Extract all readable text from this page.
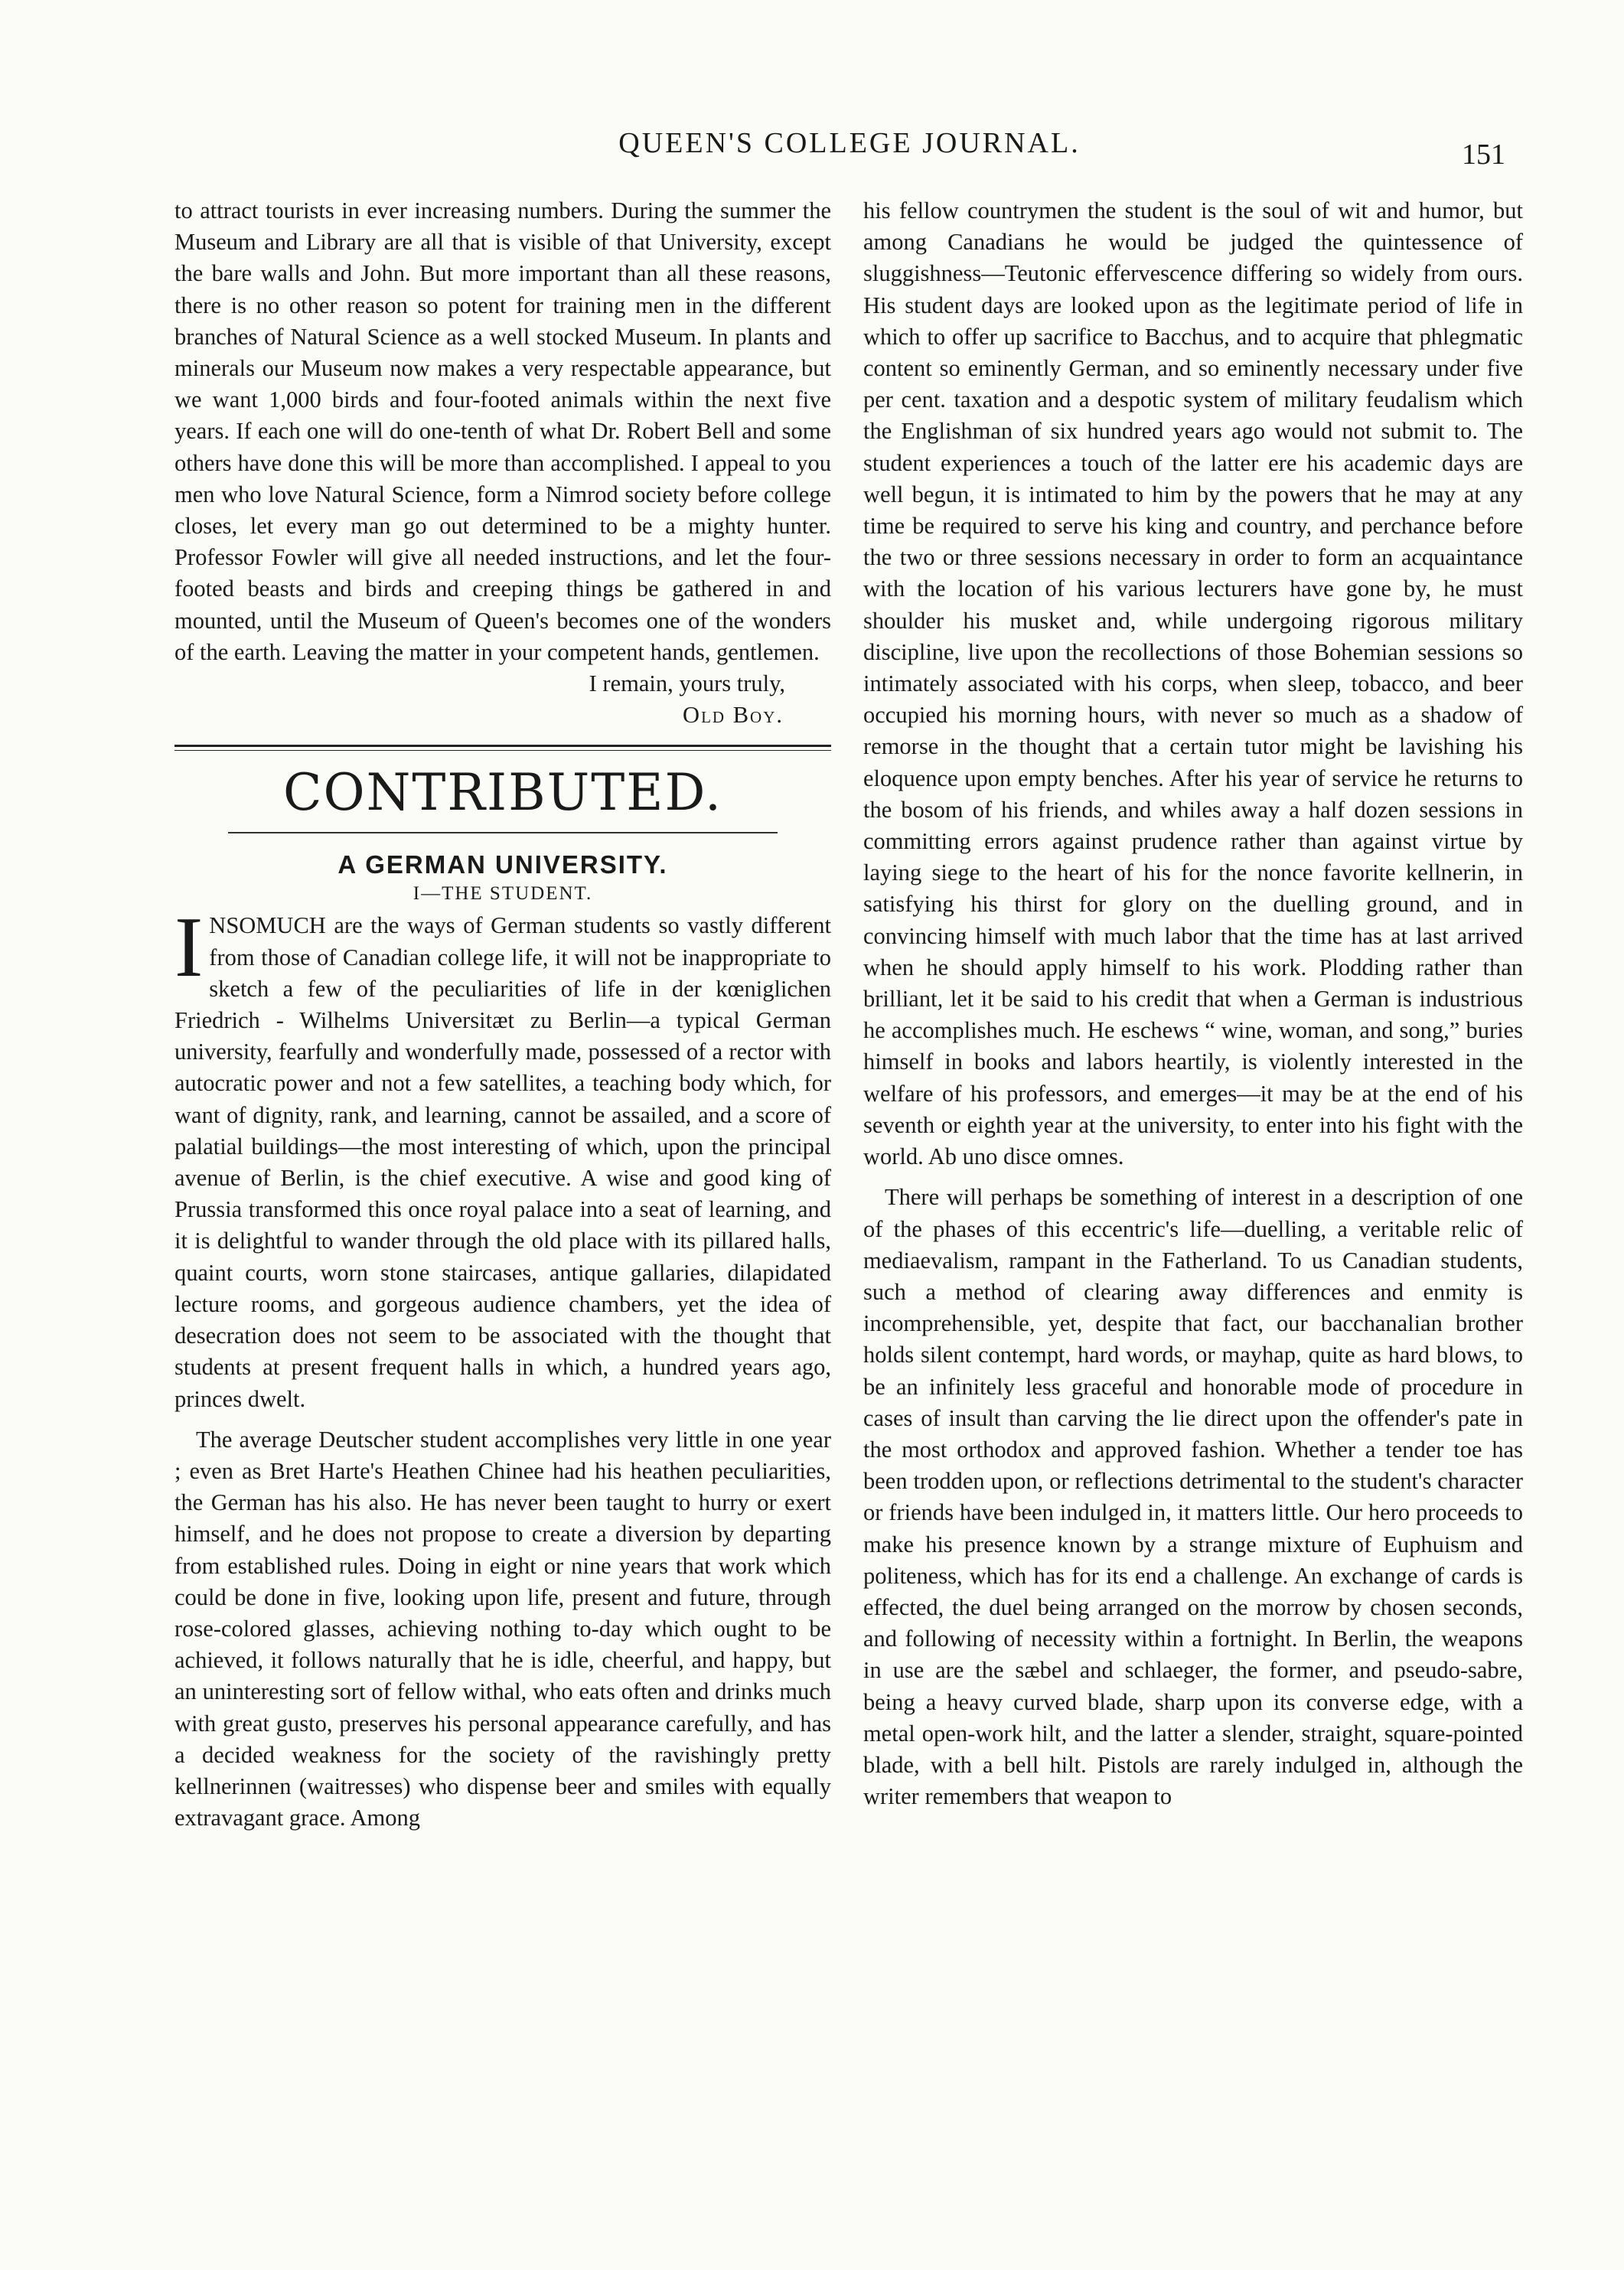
QUEEN'S COLLEGE JOURNAL.	151

to attract tourists in ever increasing numbers. During the summer the Museum and Library are all that is visible of that University, except the bare walls and John. But more important than all these reasons, there is no other reason so potent for training men in the different branches of Natural Science as a well stocked Museum. In plants and minerals our Museum now makes a very respectable appearance, but we want 1,000 birds and four-footed animals within the next five years. If each one will do one-tenth of what Dr. Robert Bell and some others have done this will be more than accomplished. I appeal to you men who love Natural Science, form a Nimrod society before college closes, let every man go out determined to be a mighty hunter. Professor Fowler will give all needed instructions, and let the four-footed beasts and birds and creeping things be gathered in and mounted, until the Museum of Queen's becomes one of the wonders of the earth. Leaving the matter in your competent hands, gentlemen.

I remain, yours truly,

Old Boy.

CONTRIBUTED.
A GERMAN UNIVERSITY.
I—THE STUDENT.

INSOMUCH are the ways of German students so vastly different from those of Canadian college life, it will not be inappropriate to sketch a few of the peculiarities of life in der kœniglichen Friedrich - Wilhelms Universitæt zu Berlin—a typical German university, fearfully and wonderfully made, possessed of a rector with autocratic power and not a few satellites, a teaching body which, for want of dignity, rank, and learning, cannot be assailed, and a score of palatial buildings—the most interesting of which, upon the principal avenue of Berlin, is the chief executive. A wise and good king of Prussia transformed this once royal palace into a seat of learning, and it is delightful to wander through the old place with its pillared halls, quaint courts, worn stone staircases, antique gallaries, dilapidated lecture rooms, and gorgeous audience chambers, yet the idea of desecration does not seem to be associated with the thought that students at present frequent halls in which, a hundred years ago, princes dwelt.

The average Deutscher student accomplishes very little in one year ; even as Bret Harte's Heathen Chinee had his heathen peculiarities, the German has his also. He has never been taught to hurry or exert himself, and he does not propose to create a diversion by departing from established rules. Doing in eight or nine years that work which could be done in five, looking upon life, present and future, through rose-colored glasses, achieving nothing to-day which ought to be achieved, it follows naturally that he is idle, cheerful, and happy, but an uninteresting sort of fellow withal, who eats often and drinks much with great gusto, preserves his personal appearance carefully, and has a decided weakness for the society of the ravishingly pretty kellnerinnen (waitresses) who dispense beer and smiles with equally extravagant grace. Among

his fellow countrymen the student is the soul of wit and humor, but among Canadians he would be judged the quintessence of sluggishness—Teutonic effervescence differing so widely from ours. His student days are looked upon as the legitimate period of life in which to offer up sacrifice to Bacchus, and to acquire that phlegmatic content so eminently German, and so eminently necessary under five per cent. taxation and a despotic system of military feudalism which the Englishman of six hundred years ago would not submit to. The student experiences a touch of the latter ere his academic days are well begun, it is intimated to him by the powers that he may at any time be required to serve his king and country, and perchance before the two or three sessions necessary in order to form an acquaintance with the location of his various lecturers have gone by, he must shoulder his musket and, while undergoing rigorous military discipline, live upon the recollections of those Bohemian sessions so intimately associated with his corps, when sleep, tobacco, and beer occupied his morning hours, with never so much as a shadow of remorse in the thought that a certain tutor might be lavishing his eloquence upon empty benches. After his year of service he returns to the bosom of his friends, and whiles away a half dozen sessions in committing errors against prudence rather than against virtue by laying siege to the heart of his for the nonce favorite kellnerin, in satisfying his thirst for glory on the duelling ground, and in convincing himself with much labor that the time has at last arrived when he should apply himself to his work. Plodding rather than brilliant, let it be said to his credit that when a German is industrious he accomplishes much. He eschews “ wine, woman, and song,” buries himself in books and labors heartily, is violently interested in the welfare of his professors, and emerges—it may be at the end of his seventh or eighth year at the university, to enter into his fight with the world. Ab uno disce omnes.

There will perhaps be something of interest in a description of one of the phases of this eccentric's life—duelling, a veritable relic of mediaevalism, rampant in the Fatherland. To us Canadian students, such a method of clearing away differences and enmity is incomprehensible, yet, despite that fact, our bacchanalian brother holds silent contempt, hard words, or mayhap, quite as hard blows, to be an infinitely less graceful and honorable mode of procedure in cases of insult than carving the lie direct upon the offender's pate in the most orthodox and approved fashion. Whether a tender toe has been trodden upon, or reflections detrimental to the student's character or friends have been indulged in, it matters little. Our hero proceeds to make his presence known by a strange mixture of Euphuism and politeness, which has for its end a challenge. An exchange of cards is effected, the duel being arranged on the morrow by chosen seconds, and following of necessity within a fortnight. In Berlin, the weapons in use are the sæbel and schlaeger, the former, and pseudo-sabre, being a heavy curved blade, sharp upon its converse edge, with a metal open-work hilt, and the latter a slender, straight, square-pointed blade, with a bell hilt. Pistols are rarely indulged in, although the writer remembers that weapon to
